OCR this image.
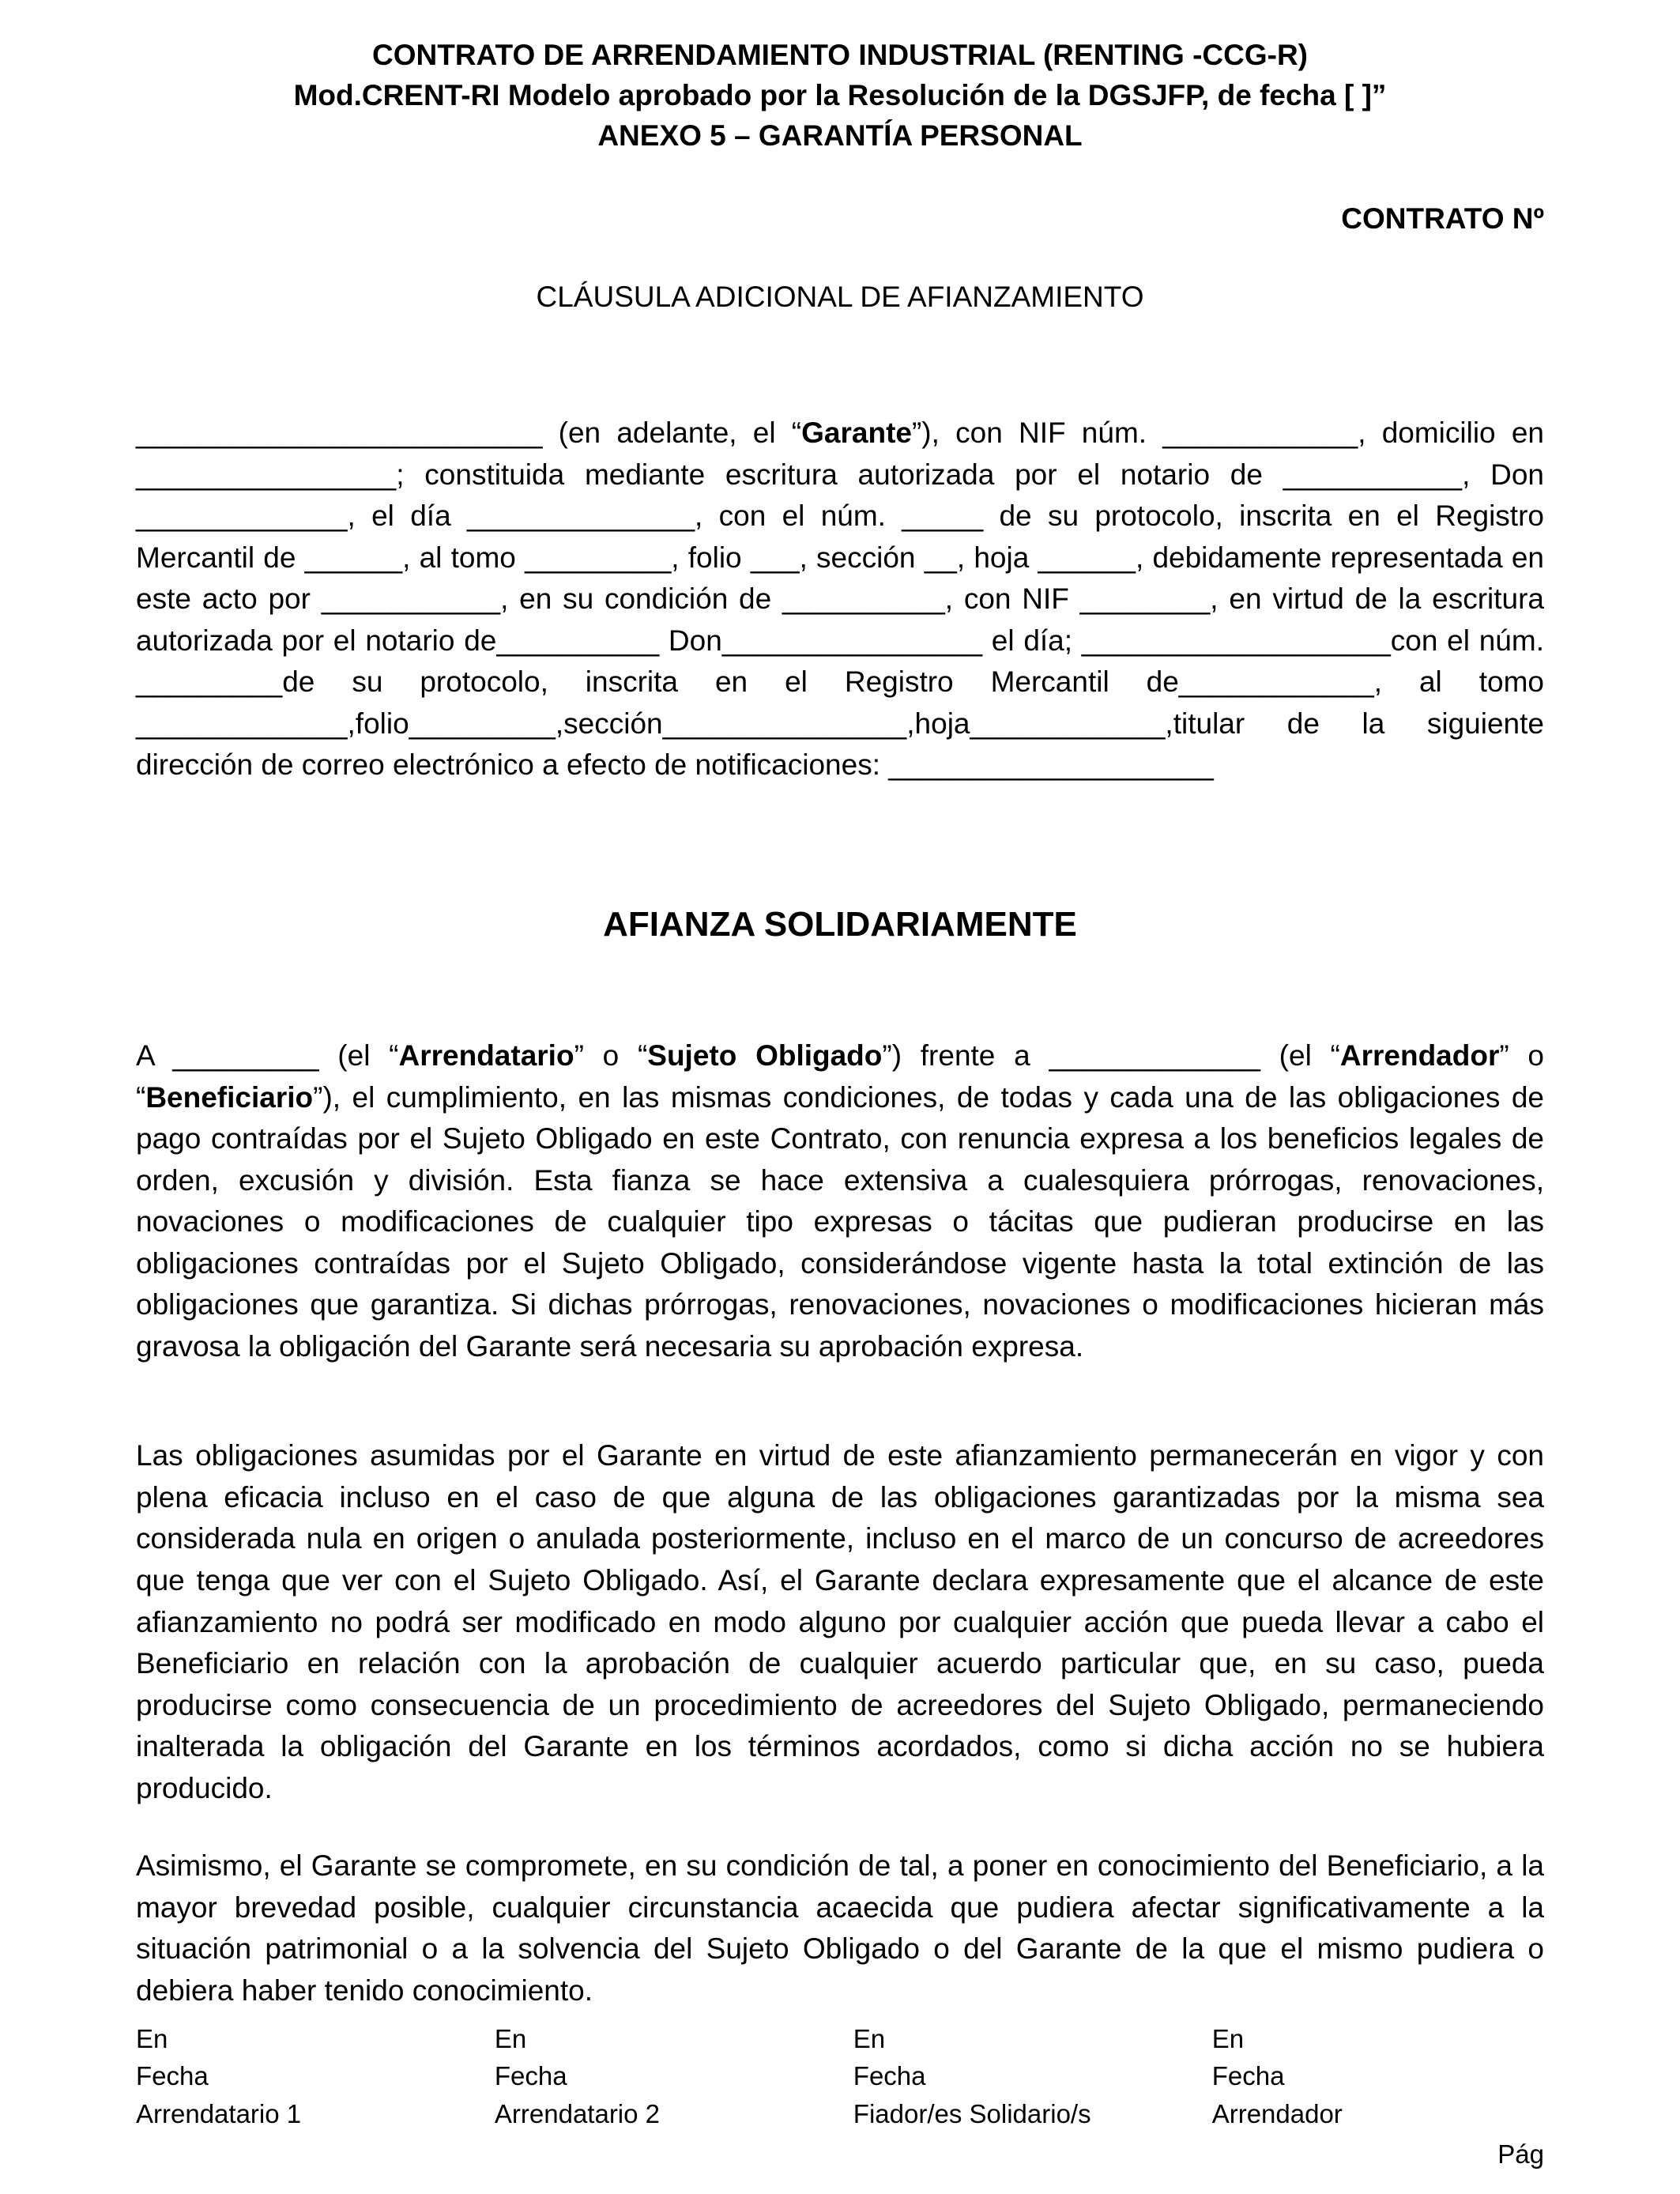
CONTRATO DE ARRENDAMIENTO INDUSTRIAL (RENTING -CCG-R)
Mod.CRENT-RI Modelo aprobado por la Resolución de la DGSJFP, de fecha [ ]”
ANEXO 5 – GARANTÍA PERSONAL
CONTRATO Nº
CLÁUSULA ADICIONAL DE AFIANZAMIENTO

_________________________ (en adelante, el “Garante”), con NIF núm. ____________, domicilio en ________________; constituida mediante escritura autorizada por el notario de ___________, Don _____________, el día ______________, con el núm. _____ de su protocolo, inscrita en el Registro Mercantil de ______, al tomo _________, folio ___, sección __, hoja ______, debidamente representada en este acto por ___________, en su condición de __________, con NIF ________, en virtud de la escritura autorizada por el notario de__________ Don________________ el día; ___________________con el núm. _________de su protocolo, inscrita en el Registro Mercantil de____________, al tomo _____________,folio_________,sección_______________,hoja____________,titular de la siguiente dirección de correo electrónico a efecto de notificaciones: ____________________

AFIANZA SOLIDARIAMENTE

A _________ (el “Arrendatario” o “Sujeto Obligado”) frente a _____________ (el “Arrendador” o “Beneficiario”), el cumplimiento, en las mismas condiciones, de todas y cada una de las obligaciones de pago contraídas por el Sujeto Obligado en este Contrato, con renuncia expresa a los beneficios legales de orden, excusión y división. Esta fianza se hace extensiva a cualesquiera prórrogas, renovaciones, novaciones o modificaciones de cualquier tipo expresas o tácitas que pudieran producirse en las obligaciones contraídas por el Sujeto Obligado, considerándose vigente hasta la total extinción de las obligaciones que garantiza. Si dichas prórrogas, renovaciones, novaciones o modificaciones hicieran más gravosa la obligación del Garante será necesaria su aprobación expresa.

Las obligaciones asumidas por el Garante en virtud de este afianzamiento permanecerán en vigor y con plena eficacia incluso en el caso de que alguna de las obligaciones garantizadas por la misma sea considerada nula en origen o anulada posteriormente, incluso en el marco de un concurso de acreedores que tenga que ver con el Sujeto Obligado. Así, el Garante declara expresamente que el alcance de este afianzamiento no podrá ser modificado en modo alguno por cualquier acción que pueda llevar a cabo el Beneficiario en relación con la aprobación de cualquier acuerdo particular que, en su caso, pueda producirse como consecuencia de un procedimiento de acreedores del Sujeto Obligado, permaneciendo inalterada la obligación del Garante en los términos acordados, como si dicha acción no se hubiera producido.

Asimismo, el Garante se compromete, en su condición de tal, a poner en conocimiento del Beneficiario, a la mayor brevedad posible, cualquier circunstancia acaecida que pudiera afectar significativamente a la situación patrimonial o a la solvencia del Sujeto Obligado o del Garante de la que el mismo pudiera o debiera haber tenido conocimiento.

En
Fecha
Arrendatario 1
En
Fecha
Arrendatario 2
En
Fecha
Fiador/es Solidario/s
En
Fecha
Arrendador
Pág
